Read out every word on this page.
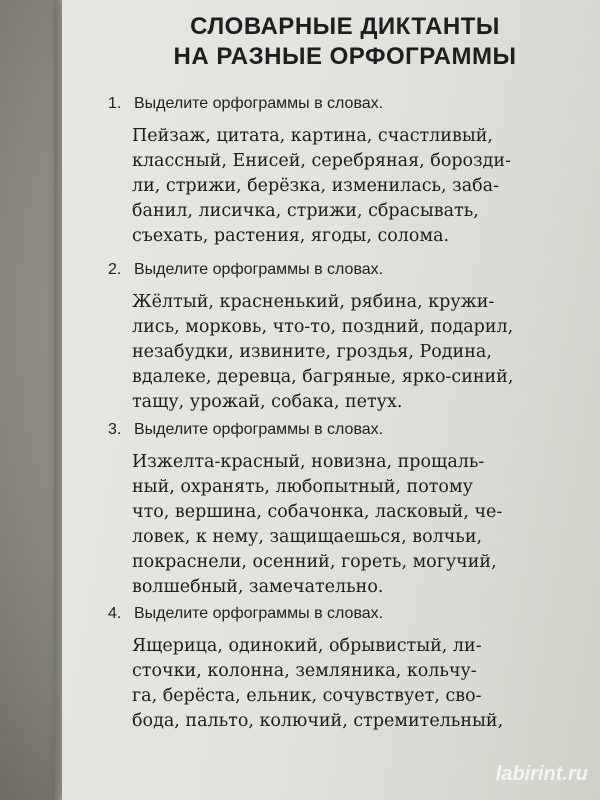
СЛОВАРНЫЕ ДИКТАНТЫ
НА РАЗНЫЕ ОРФОГРАММЫ
1. Выделите орфограммы в словах.
Пейзаж, цитата, картина, счастливый,
классный, Енисей, серебряная, борозди-
ли, стрижи, берёзка, изменилась, заба-
банил, лисичка, стрижи, сбрасывать,
съехать, растения, ягоды, солома.
2. Выделите орфограммы в словах.
Жёлтый, красненький, рябина, кружи-
лись, морковь, что-то, поздний, подарил,
незабудки, извините, гроздья, Родина,
вдалеке, деревца, багряные, ярко-синий,
тащу, урожай, собака, петух.
3. Выделите орфограммы в словах.
Изжелта-красный, новизна, прощаль-
ный, охранять, любопытный, потому
что, вершина, собачонка, ласковый, че-
ловек, к нему, защищаешься, волчьи,
покраснели, осенний, гореть, могучий,
волшебный, замечательно.
4. Выделите орфограммы в словах.
Ящерица, одинокий, обрывистый, ли-
сточки, колонна, земляника, кольчу-
га, берёста, ельник, сочувствует, сво-
бода, пальто, колючий, стремительный,
labirint.ru
